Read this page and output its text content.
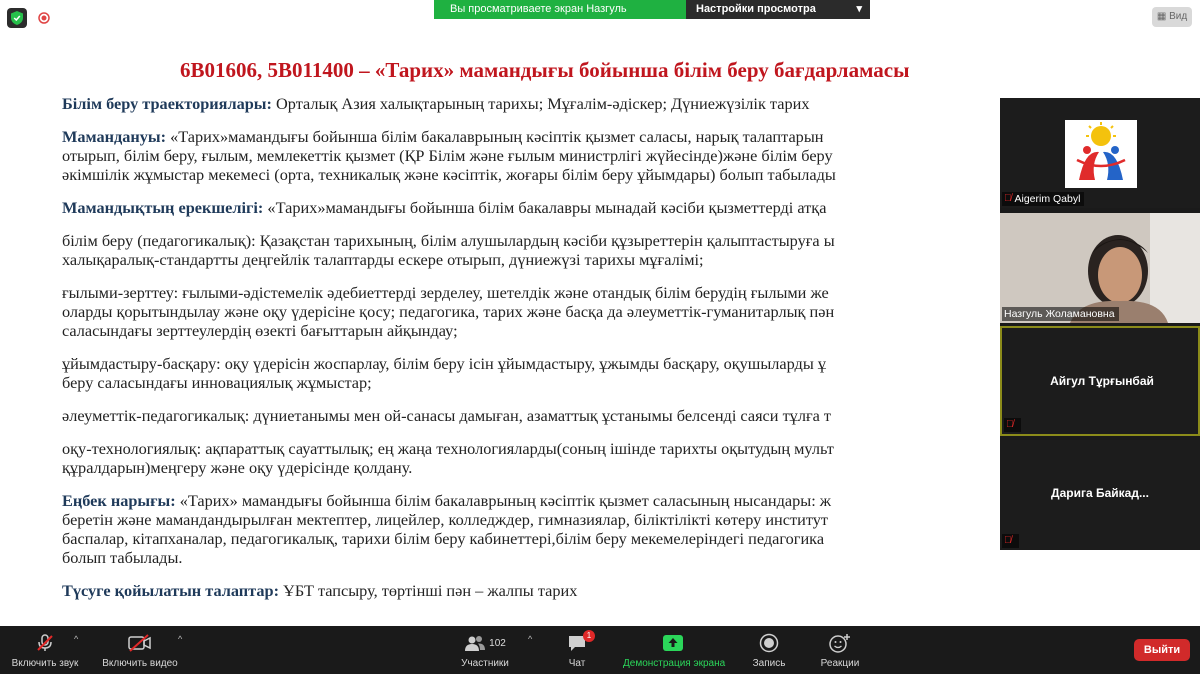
6В01606, 5В011400 – «Тарих» мамандығы бойынша білім беру бағдарламасы
Білім беру траекториялары: Орталық Азия халықтарының тарихы; Мұғалім-әдіскер; Дүниежүзілік тарих
Мамандануы: «Тарих»мамандығы бойынша білім бакалаврының кәсіптік қызмет саласы, нарық талаптарын
отырып, білім беру, ғылым, мемлекеттік қызмет (ҚР Білім және ғылым министрлігі жүйесінде)және білім беру
әкімшілік жұмыстар мекемесі (орта, техникалық және кәсіптік, жоғары білім беру ұйымдары) болып табылады
Мамандықтың ерекшелігі: «Тарих»мамандығы бойынша білім бакалавры мынадай кәсіби қызметтерді атқа
білім беру (педагогикалық): Қазақстан тарихының, білім алушылардың кәсіби құзыреттерін қалыптастыруға ы
халықаралық-стандартты деңгейлік талаптарды ескере отырып, дүниежүзі тарихы мұғалімі;
ғылыми-зерттеу: ғылыми-әдістемелік әдебиеттерді зерделеу, шетелдік және отандық білім берудің ғылыми же
оларды қорытындылау және оқу үдерісіне қосу; педагогика, тарих және басқа да әлеуметтік-гуманитарлық пән
саласындағы зерттеулердің өзекті бағыттарын айқындау;
ұйымдастыру-басқару: оқу үдерісін жоспарлау, білім беру ісін ұйымдастыру, ұжымды басқару, оқушыларды ұ
беру саласындағы инновациялық жұмыстар;
әлеуметтік-педагогикалық: дүниетанымы мен ой-санасы дамыған, азаматтық ұстанымы белсенді саяси тұлға т
оқу-технологиялық: ақпараттық сауаттылық; ең жаңа технологияларды(соның ішінде тарихты оқытудың мульт
құралдарын)меңгеру және оқу үдерісінде қолдану.
Еңбек нарығы: «Тарих» мамандығы бойынша білім бакалаврының кәсіптік қызмет саласының нысандары: ж
беретін және мамандандырылған мектептер, лицейлер, колледждер, гимназиялар, біліктілікті көтеру институт
баспалар, кітапханалар, педагогикалық, тарихи білім беру кабинеттері,білім беру мекемелеріндегі педагогика
болып табылады.
Түсуге қойылатын талаптар: ҰБТ тапсыру, төртінші пән – жалпы тарих
Вы просматриваете экран Назгуль Жоламановна
Настройки просмотра	▾
▦ Вид
🎙̸ Aigerim Qabyl
Назгуль Жоламановна
Айгул Тұрғынбай
🎙̸
Дарига Байкад...
🎙̸
Включить звук
^
Включить видео
^	102
Участники
^	1
Чат	Демонстрация экрана	Запись	Реакции
Выйти
